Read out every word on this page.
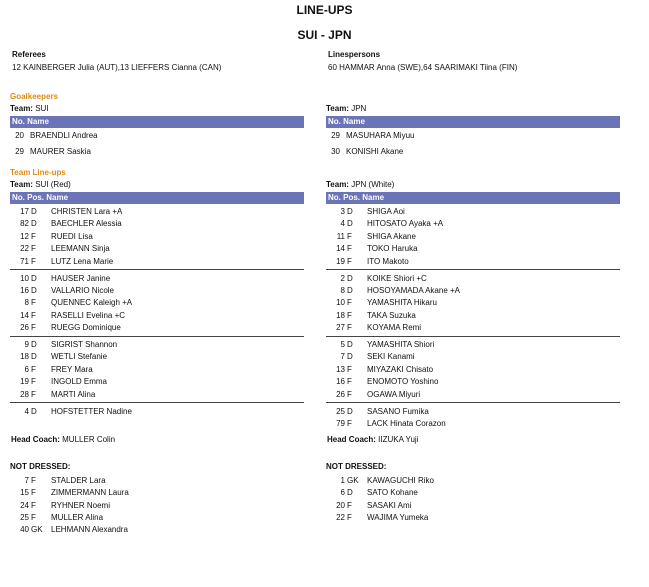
LINE-UPS
SUI - JPN
Referees
12 KAINBERGER Julia (AUT),13 LIEFFERS Cianna (CAN)
Linespersons
60 HAMMAR Anna (SWE),64 SAARIMAKI Tiina (FIN)
Goalkeepers
Team: SUI	Team: JPN
No. Name	No. Name
20 BRAENDLI Andrea
29 MAURER Saskia
29 MASUHARA Miyuu
30 KONISHI Akane
Team Line-ups
Team: SUI (Red)	Team: JPN (White)
No. Pos. Name	No. Pos. Name
17 D CHRISTEN Lara +A
82 D BAECHLER Alessia
12 F RUEDI Lisa
22 F LEEMANN Sinja
71 F LUTZ Lena Marie
10 D HAUSER Janine
16 D VALLARIO Nicole
8 F QUENNEC Kaleigh +A
14 F RASELLI Evelina +C
26 F RUEGG Dominique
9 D SIGRIST Shannon
18 D WETLI Stefanie
6 F FREY Mara
19 F INGOLD Emma
28 F MARTI Alina
4 D HOFSTETTER Nadine
3 D SHIGA Aoi
4 D HITOSATO Ayaka +A
11 F SHIGA Akane
14 F TOKO Haruka
19 F ITO Makoto
2 D KOIKE Shiori +C
8 D HOSOYAMADA Akane +A
10 F YAMASHITA Hikaru
18 F TAKA Suzuka
27 F KOYAMA Remi
5 D YAMASHITA Shiori
7 D SEKI Kanami
13 F MIYAZAKI Chisato
16 F ENOMOTO Yoshino
26 F OGAWA Miyuri
25 D SASANO Fumika
79 F LACK Hinata Corazon
Head Coach: MULLER Colin	Head Coach: IIZUKA Yuji
NOT DRESSED:	NOT DRESSED:
7 F STALDER Lara
15 F ZIMMERMANN Laura
24 F RYHNER Noemi
25 F MULLER Alina
40 GK LEHMANN Alexandra
1 GK KAWAGUCHI Riko
6 D SATO Kohane
20 F SASAKI Ami
22 F WAJIMA Yumeka
